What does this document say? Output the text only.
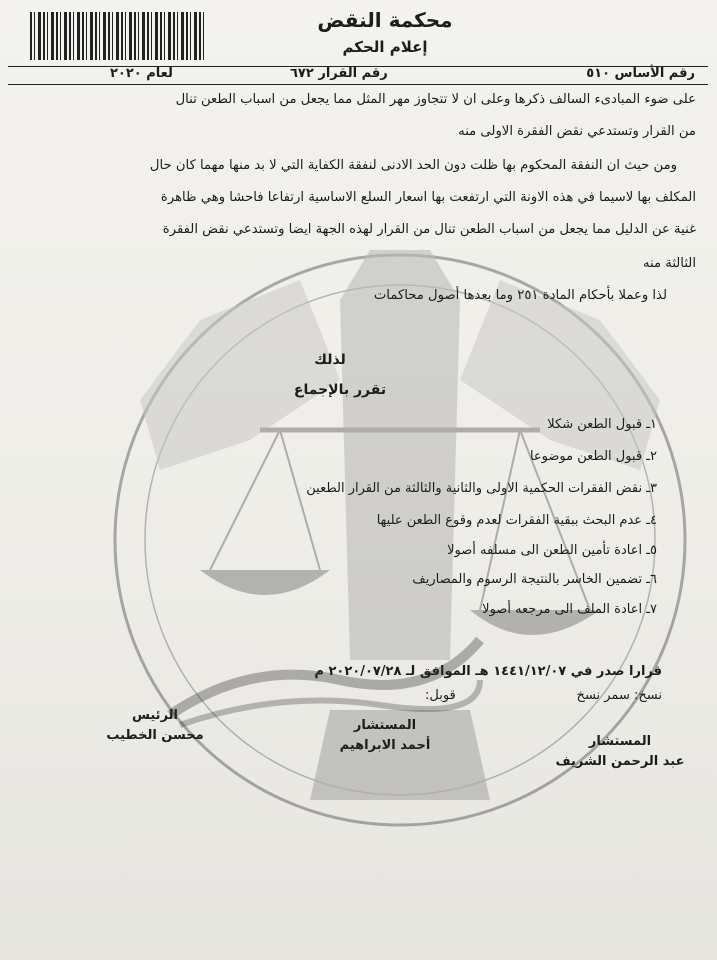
محكمة النقض
إعلام الحكم
رقم الأساس ٥١٠
رقم القرار ٦٧٢
لعام ٢٠٢٠
على ضوء المبادىء السالف ذكرها وعلى ان لا تتجاوز مهر المثل مما يجعل من اسباب الطعن تنال
من القرار وتستدعي نقض الفقرة الاولى منه
ومن حيث ان النفقة المحكوم بها ظلت دون الحد الادنى لنفقة الكفاية التي لا بد منها مهما كان حال
المكلف بها لاسيما في هذه الاونة التي ارتفعت بها اسعار السلع الاساسية ارتفاعا فاحشا وهي ظاهرة
غنية عن الدليل مما يجعل من اسباب الطعن تنال من القرار لهذه الجهة ايضا وتستدعي نقض الفقرة
الثالثة منه
لذا وعملا بأحكام المادة ٢٥١ وما بعدها أصول محاكمات
لذلك
تقرر بالإجماع
١ـ قبول الطعن شكلا
٢ـ قبول الطعن موضوعا
٣ـ نقض الفقرات الحكمية الاولى والثانية والثالثة من القرار الطعين
٤ـ عدم البحث ببقية الفقرات لعدم وقوع الطعن عليها
٥ـ اعادة تأمين الطعن الى مسلفه أصولا
٦ـ تضمين الخاسر بالنتيجة الرسوم والمصاريف
٧ـ اعادة الملف الى مرجعه أصولا
قرارا صدر في ١٤٤١/١٢/٠٧ هـ الموافق لـ ٢٠٢٠/٠٧/٢٨ م
نسخ: سمر نسخ
قوبل:
الرئيس
محسن الخطيب
المستشار
أحمد الابراهيم	المستشار
عبد الرحمن الشريف
